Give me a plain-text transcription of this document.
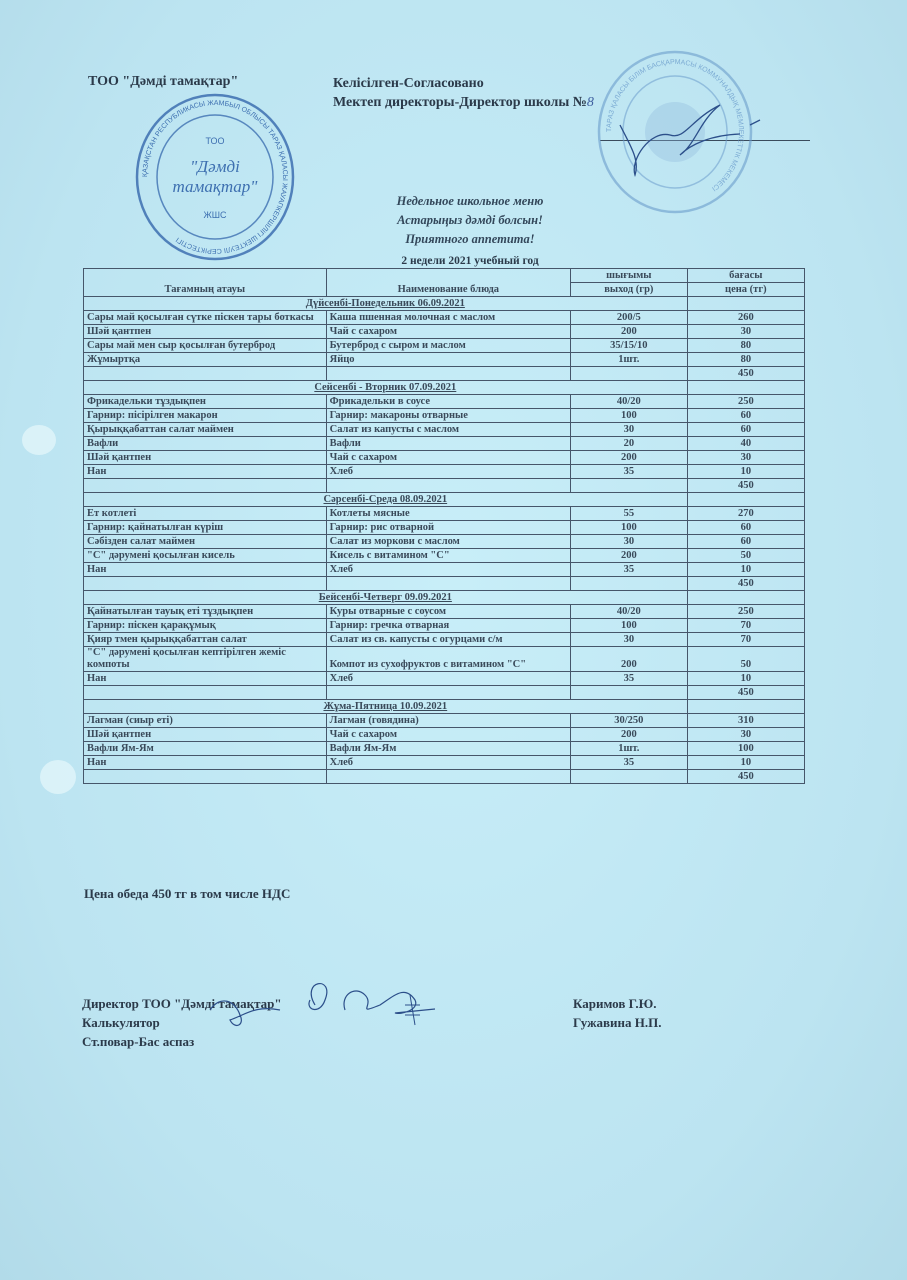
ТОО "Дәмді тамақтар"	Келісілген-Согласовано
Мектеп директоры-Директор школы №8
ҚАЗАҚСТАН РЕСПУБЛИКАСЫ ЖАМБЫЛ ОБЛЫСЫ ТАРАЗ ҚАЛАСЫ ЖАУАПКЕРШІЛІГІ ШЕКТЕУЛІ СЕРІКТЕСТІГІ
ТОО
"Дәмді
тамақтар"
ЖШС
ТАРАЗ ҚАЛАСЫ БІЛІМ БАСҚАРМАСЫ КОММУНАЛДЫҚ МЕМЛЕКЕТТІК МЕКЕМЕСІ
Недельное школьное меню
Астарыңыз дәмді болсын!
Приятного аппетита!
2 недели 2021 учебный год
Тағамның атауы	Наименование блюда	шығымы	бағасы
		выход (гр)	цена (тг)
Дүйсенбі-Понедельник 06.09.2021			
Сары май қосылған сүтке піскен тары боткасы	Каша пшенная молочная с маслом	200/5	260
Шәй қантпен	Чай с сахаром	200	30
Сары май мен сыр қосылған бутерброд	Бутерброд с сыром и маслом	35/15/10	80
Жұмыртқа	Яйцо	1шт.	80
			450
Сейсенбі - Вторник 07.09.2021			
Фрикадельки тұздықпен	Фрикадельки в соусе	40/20	250
Гарнир: пісірілген макарон	Гарнир: макароны отварные	100	60
Қырыққабаттан салат маймен	Салат из капусты с маслом	30	60
Вафли	Вафли	20	40
Шәй қантпен	Чай с сахаром	200	30
Нан	Хлеб	35	10
			450
Сәрсенбі-Среда 08.09.2021			
Ет котлеті	Котлеты мясные	55	270
Гарнир: қайнатылған күріш	Гарнир: рис отварной	100	60
Сәбізден салат маймен	Салат из моркови с маслом	30	60
"С" дәрумені қосылған кисель	Кисель с витамином "С"	200	50
Нан	Хлеб	35	10
			450
Бейсенбі-Четверг 09.09.2021			
Қайнатылған тауық еті тұздықпен	Куры отварные с соусом	40/20	250
Гарнир: піскен қарақұмық	Гарнир: гречка отварная	100	70
Қияр тмен қырыққабаттан салат	Салат из св. капусты с огурцами с/м	30	70
"С" дәрумені қосылған кептірілген жеміс компоты	Компот из сухофруктов с витамином "С"	200	50
Нан	Хлеб	35	10
			450
Жұма-Пятница 10.09.2021			
Лагман (сиыр еті)	Лагман (говядина)	30/250	310
Шәй қантпен	Чай с сахаром	200	30
Вафли Ям-Ям	Вафли Ям-Ям	1шт.	100
Нан	Хлеб	35	10
			450
Цена обеда 450 тг в том числе НДС
Директор ТОО "Дәмді тамақтар"
Калькулятор
Ст.повар-Бас аспаз
Каримов Г.Ю.
Гужавина Н.П.
